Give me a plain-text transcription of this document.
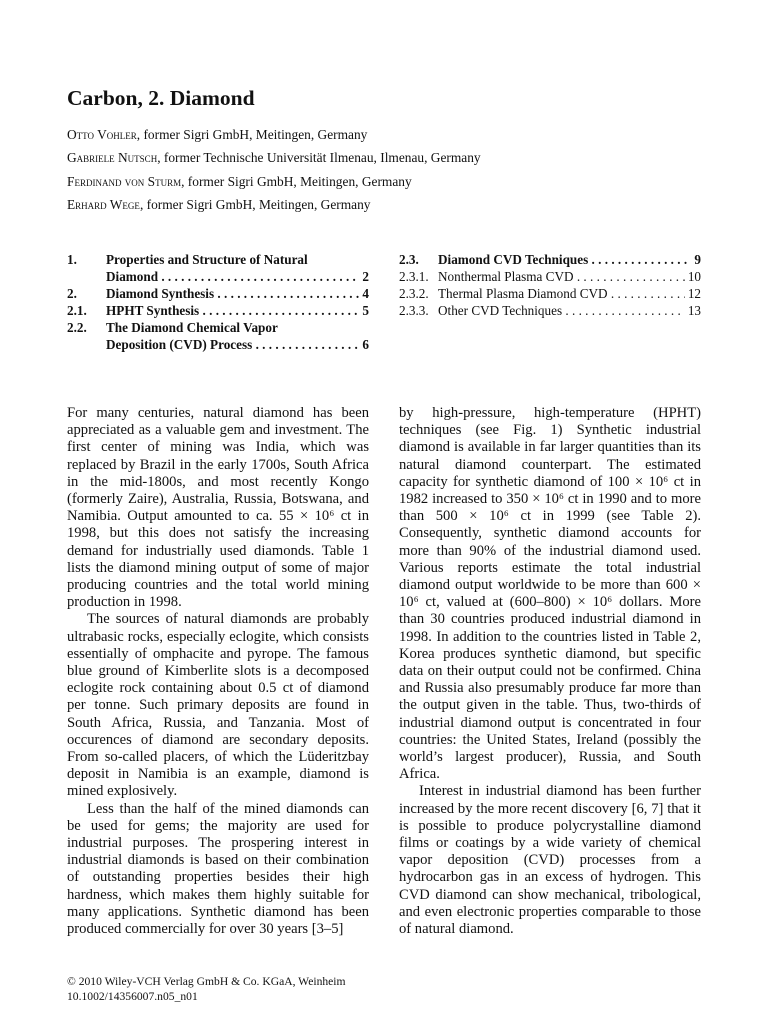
Carbon, 2. Diamond
Otto Vohler, former Sigri GmbH, Meitingen, Germany
Gabriele Nutsch, former Technische Universität Ilmenau, Ilmenau, Germany
Ferdinand von Sturm, former Sigri GmbH, Meitingen, Germany
Erhard Wege, former Sigri GmbH, Meitingen, Germany
1. Properties and Structure of Natural
Diamond . . .	2
2. Diamond Synthesis . . .	4
2.1. HPHT Synthesis . . .	5
2.2. The Diamond Chemical Vapor
Deposition (CVD) Process . . .	6
2.3. Diamond CVD Techniques . . .	9
2.3.1. Nonthermal Plasma CVD . . .	10
2.3.2. Thermal Plasma Diamond CVD . . .	12
2.3.3. Other CVD Techniques . . .	13

For many centuries, natural diamond has been appreciated as a valuable gem and investment. The first center of mining was India, which was replaced by Brazil in the early 1700s, South Africa in the mid-1800s, and most recently Kongo (formerly Zaire), Australia, Russia, Botswana, and Namibia. Output amounted to ca. 55 × 10⁶ ct in 1998, but this does not satisfy the increasing demand for industrially used diamonds. Table 1 lists the diamond mining output of some of major producing countries and the total world mining production in 1998.

The sources of natural diamonds are probably ultrabasic rocks, especially eclogite, which consists essentially of omphacite and pyrope. The famous blue ground of Kimberlite slots is a decomposed eclogite rock containing about 0.5 ct of diamond per tonne. Such primary deposits are found in South Africa, Russia, and Tanzania. Most of occurences of diamond are secondary deposits. From so-called placers, of which the Lüderitzbay deposit in Namibia is an example, diamond is mined explosively.

Less than the half of the mined diamonds can be used for gems; the majority are used for industrial purposes. The prospering interest in industrial diamonds is based on their combination of outstanding properties besides their high hardness, which makes them highly suitable for many applications. Synthetic diamond has been produced commercially for over 30 years [3–5]

by high-pressure, high-temperature (HPHT) techniques (see Fig. 1) Synthetic industrial diamond is available in far larger quantities than its natural diamond counterpart. The estimated capacity for synthetic diamond of 100 × 10⁶ ct in 1982 increased to 350 × 10⁶ ct in 1990 and to more than 500 × 10⁶ ct in 1999 (see Table 2). Consequently, synthetic diamond accounts for more than 90% of the industrial diamond used. Various reports estimate the total industrial diamond output worldwide to be more than 600 × 10⁶ ct, valued at (600–800) × 10⁶ dollars. More than 30 countries produced industrial diamond in 1998. In addition to the countries listed in Table 2, Korea produces synthetic diamond, but specific data on their output could not be confirmed. China and Russia also presumably produce far more than the output given in the table. Thus, two-thirds of industrial diamond output is concentrated in four countries: the United States, Ireland (possibly the world’s largest producer), Russia, and South Africa.

Interest in industrial diamond has been further increased by the more recent discovery [6, 7] that it is possible to produce polycrystalline diamond films or coatings by a wide variety of chemical vapor deposition (CVD) processes from a hydrocarbon gas in an excess of hydrogen. This CVD diamond can show mechanical, tribological, and even electronic properties comparable to those of natural diamond.

© 2010 Wiley-VCH Verlag GmbH & Co. KGaA, Weinheim
10.1002/14356007.n05_n01
